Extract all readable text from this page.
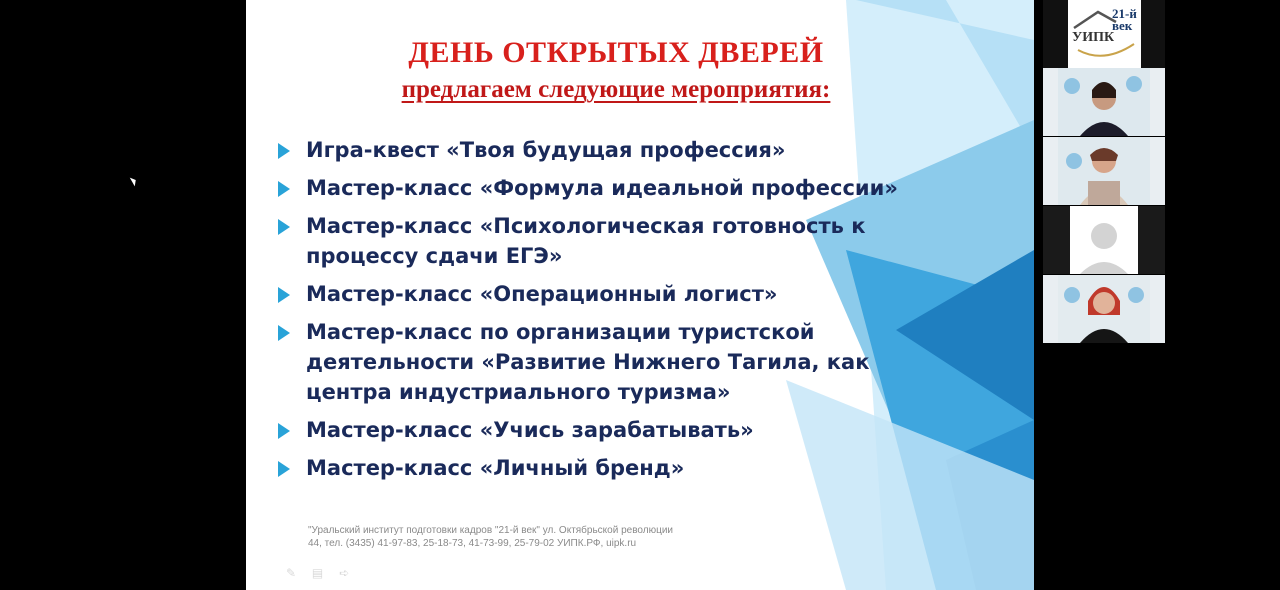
ДЕНЬ ОТКРЫТЫХ ДВЕРЕЙ
предлагаем следующие мероприятия:
Игра-квест «Твоя будущая профессия»
Мастер-класс «Формула идеальной профессии»
Мастер-класс «Психологическая готовность к процессу сдачи ЕГЭ»
Мастер-класс «Операционный логист»
Мастер-класс по организации туристской деятельности «Развитие Нижнего Тагила, как центра индустриального туризма»
Мастер-класс «Учись зарабатывать»
Мастер-класс «Личный бренд»
"Уральский институт подготовки кадров "21-й век" ул. Октябрьской революции
44, тел. (3435) 41-97-83, 25-18-73, 41-73-99, 25-79-02 УИПК.РФ, uipk.ru
✎ ▤ ➪
УИПК
21-й век
